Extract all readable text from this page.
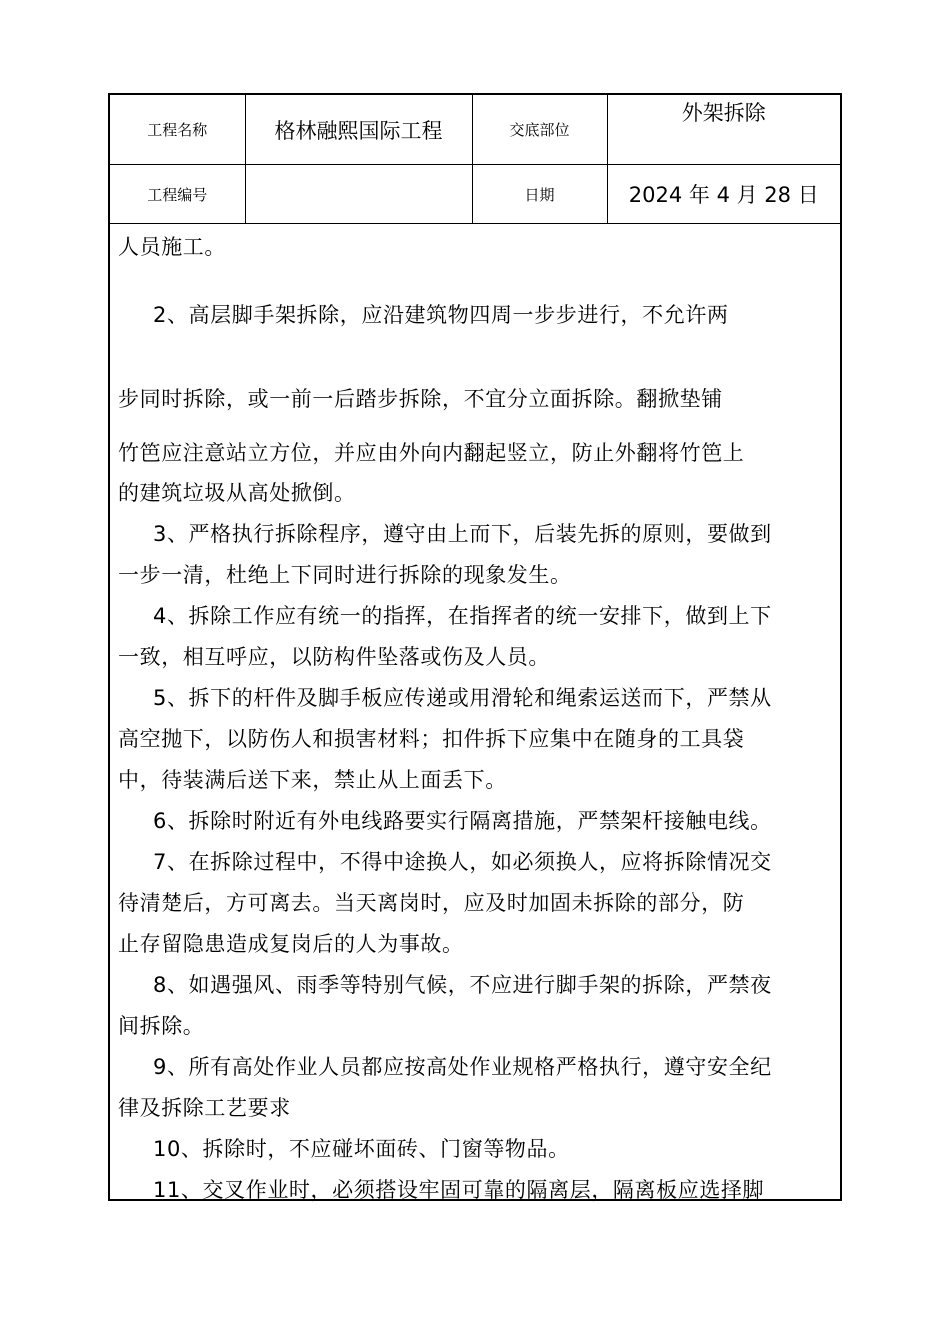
工程名称	格林融熙国际工程	交底部位	外架拆除
工程编号		日期	2024 年 4 月 28 日

人员施工。

2、高层脚手架拆除，应沿建筑物四周一步步进行，不允许两

步同时拆除，或一前一后踏步拆除，不宜分立面拆除。翻掀垫铺

竹笆应注意站立方位，并应由外向内翻起竖立，防止外翻将竹笆上

的建筑垃圾从高处掀倒。

3、严格执行拆除程序，遵守由上而下，后装先拆的原则，要做到

一步一清，杜绝上下同时进行拆除的现象发生。

4、拆除工作应有统一的指挥，在指挥者的统一安排下，做到上下

一致，相互呼应，以防构件坠落或伤及人员。

5、拆下的杆件及脚手板应传递或用滑轮和绳索运送而下，严禁从

高空抛下，以防伤人和损害材料；扣件拆下应集中在随身的工具袋

中，待装满后送下来，禁止从上面丢下。

6、拆除时附近有外电线路要实行隔离措施，严禁架杆接触电线。

7、在拆除过程中，不得中途换人，如必须换人，应将拆除情况交

待清楚后，方可离去。当天离岗时，应及时加固未拆除的部分，防

止存留隐患造成复岗后的人为事故。

8、如遇强风、雨季等特别气候，不应进行脚手架的拆除，严禁夜

间拆除。

9、所有高处作业人员都应按高处作业规格严格执行，遵守安全纪

律及拆除工艺要求

10、拆除时，不应碰坏面砖、门窗等物品。

11、交叉作业时，必须搭设牢固可靠的隔离层，隔离板应选择脚
